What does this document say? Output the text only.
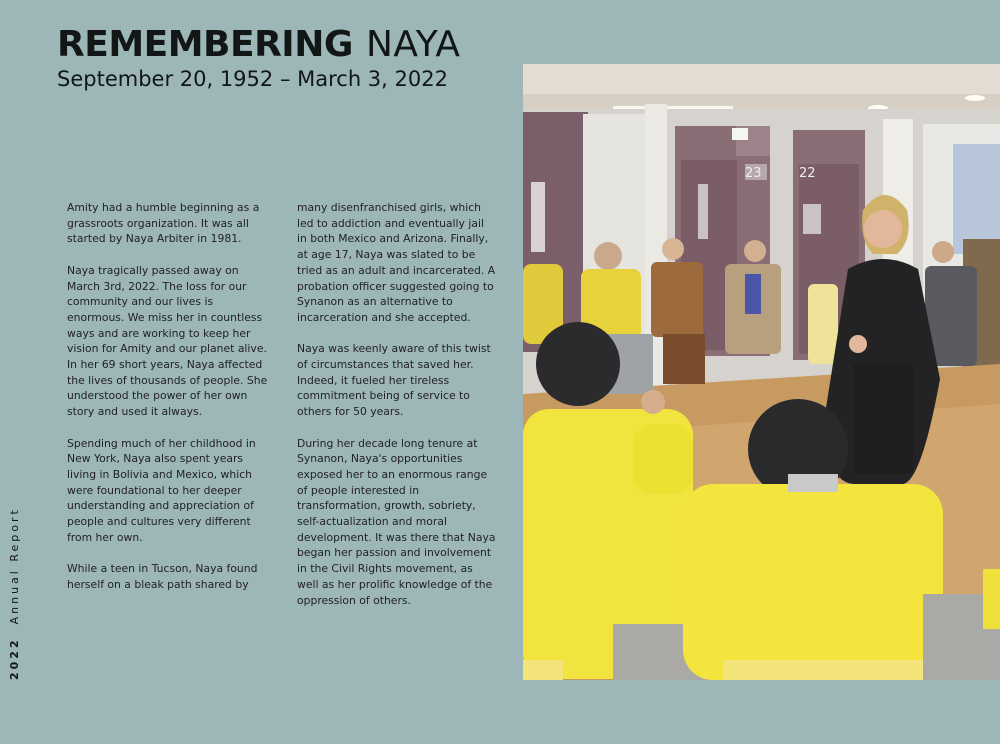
REMEMBERING NAYA
September 20, 1952 – March 3, 2022

Amity had a humble beginning as a grassroots organization. It was all started by Naya Arbiter in 1981.

Naya tragically passed away on March 3rd, 2022. The loss for our community and our lives is enormous. We miss her in countless ways and are working to keep her vision for Amity and our planet alive. In her 69 short years, Naya affected the lives of thousands of people. She understood the power of her own story and used it always.

Spending much of her childhood in New York, Naya also spent years living in Bolivia and Mexico, which were foundational to her deeper understanding and appreciation of people and cultures very different from her own.

While a teen in Tucson, Naya found herself on a bleak path shared by

many disenfranchised girls, which led to addiction and eventually jail in both Mexico and Arizona. Finally, at age 17, Naya was slated to be tried as an adult and incarcerated. A probation officer suggested going to Synanon as an alternative to incarceration and she accepted.

Naya was keenly aware of this twist of circumstances that saved her. Indeed, it fueled her tireless commitment being of service to others for 50 years.

During her decade long tenure at Synanon, Naya's opportunities exposed her to an enormous range of people interested in transformation, growth, sobriety, self-actualization and moral development. It was there that Naya began her passion and involvement in the Civil Rights movement, as well as her prolific knowledge of the oppression of others.

2022  Annual Report
23	22
